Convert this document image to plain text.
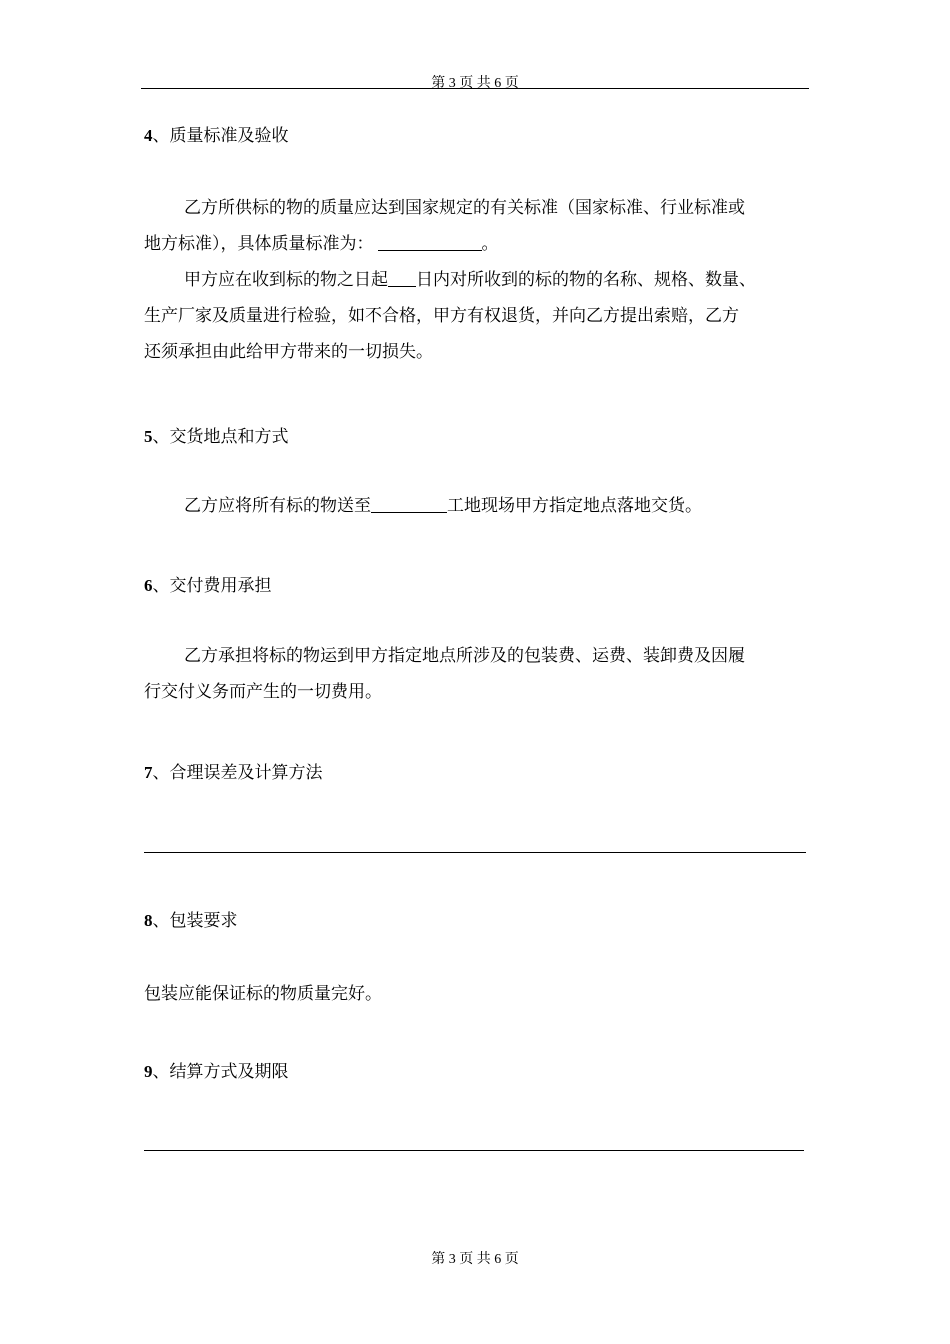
第 3 页 共 6 页
4、质量标准及验收
乙方所供标的物的质量应达到国家规定的有关标准（国家标准、行业标准或
地方标准），具体质量标准为：	。
甲方应在收到标的物之日起 日内对所收到的标的物的名称、规格、数量、
生产厂家及质量进行检验，如不合格，甲方有权退货，并向乙方提出索赔，乙方
还须承担由此给甲方带来的一切损失。
5、交货地点和方式
乙方应将所有标的物送至	工地现场甲方指定地点落地交货。
6、交付费用承担
乙方承担将标的物运到甲方指定地点所涉及的包装费、运费、装卸费及因履
行交付义务而产生的一切费用。
7、合理误差及计算方法
8、包装要求
包装应能保证标的物质量完好。
9、结算方式及期限
第 3 页 共 6 页
